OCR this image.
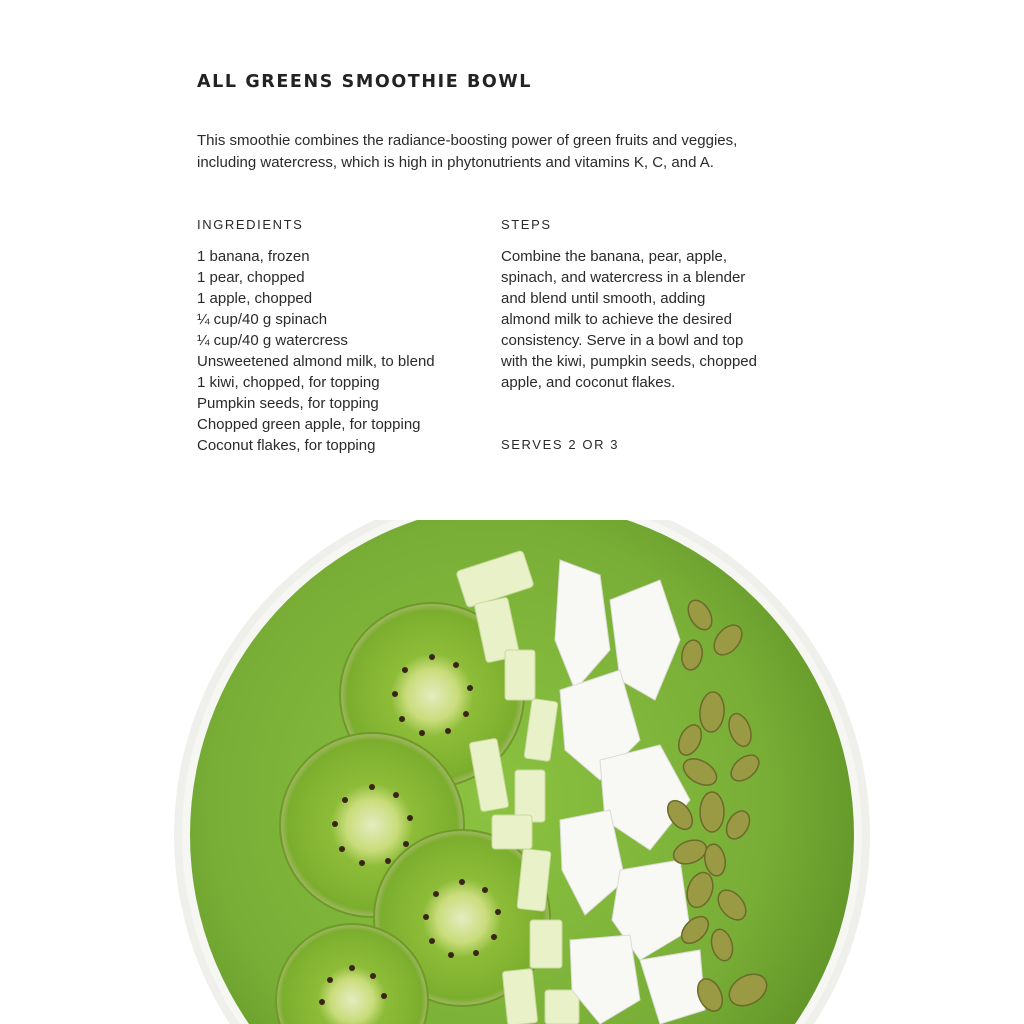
ALL GREENS SMOOTHIE BOWL
This smoothie combines the radiance-boosting power of green fruits and veggies,
including watercress, which is high in phytonutrients and vitamins K, C, and A.
INGREDIENTS	STEPS
1 banana, frozen
1 pear, chopped
1 apple, chopped
¼ cup/40 g spinach
¼ cup/40 g watercress
Unsweetened almond milk, to blend
1 kiwi, chopped, for topping
Pumpkin seeds, for topping
Chopped green apple, for topping
Coconut flakes, for topping
Combine the banana, pear, apple,
spinach, and watercress in a blender
and blend until smooth, adding
almond milk to achieve the desired
consistency. Serve in a bowl and top
with the kiwi, pumpkin seeds, chopped
apple, and coconut flakes.
SERVES 2 OR 3
